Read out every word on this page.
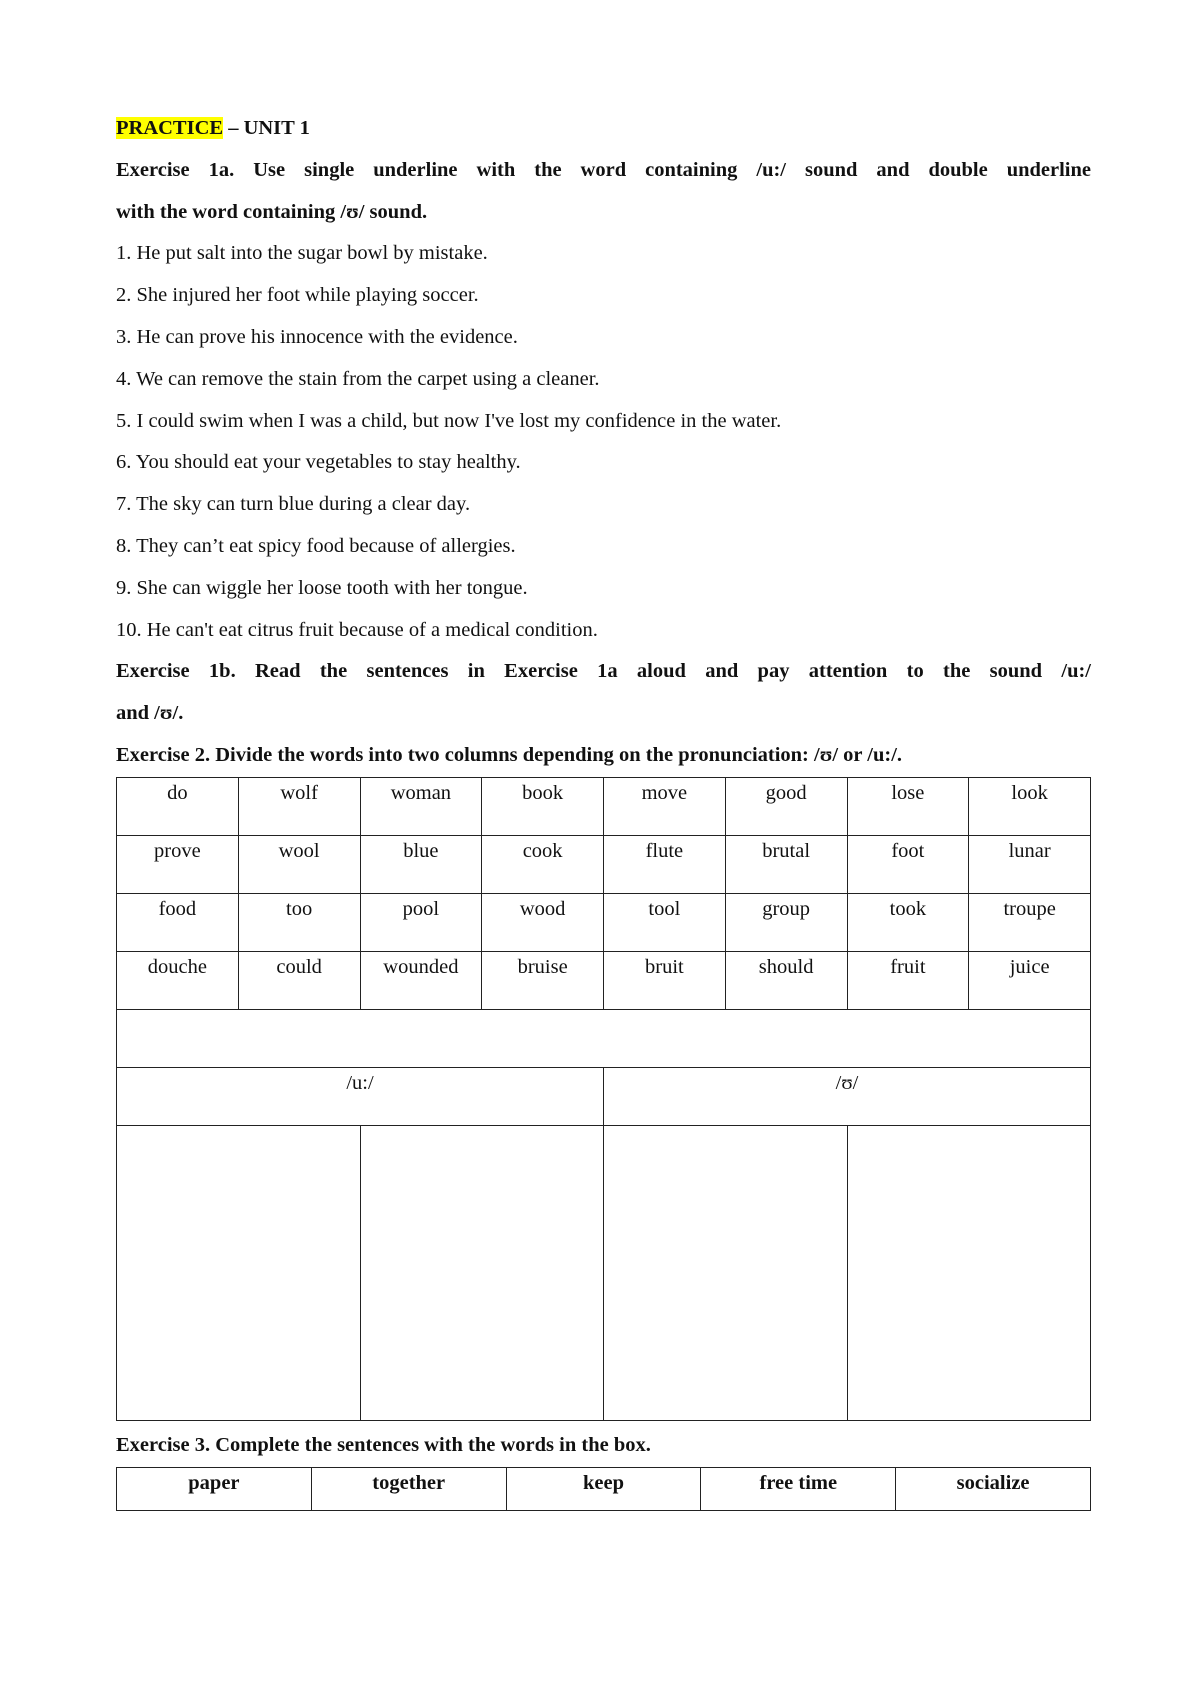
PRACTICE – UNIT 1
Exercise 1a. Use single underline with the word containing /u:/ sound and double underline
with the word containing /ʊ/ sound.
1. He put salt into the sugar bowl by mistake.
2. She injured her foot while playing soccer.
3. He can prove his innocence with the evidence.
4. We can remove the stain from the carpet using a cleaner.
5. I could swim when I was a child, but now I've lost my confidence in the water.
6. You should eat your vegetables to stay healthy.
7. The sky can turn blue during a clear day.
8. They can’t eat spicy food because of allergies.
9. She can wiggle her loose tooth with her tongue.
10. He can't eat citrus fruit because of a medical condition.
Exercise 1b. Read the sentences in Exercise 1a aloud and pay attention to the sound /u:/
and /ʊ/.
Exercise 2. Divide the words into two columns depending on the pronunciation: /ʊ/ or /u:/.
do	wolf	woman	book	move	good	lose	look
prove	wool	blue	cook	flute	brutal	foot	lunar
food	too	pool	wood	tool	group	took	troupe
douche	could	wounded	bruise	bruit	should	fruit	juice

/u:/				/ʊ/			

Exercise 3. Complete the sentences with the words in the box.
paper	together	keep	free time	socialize
